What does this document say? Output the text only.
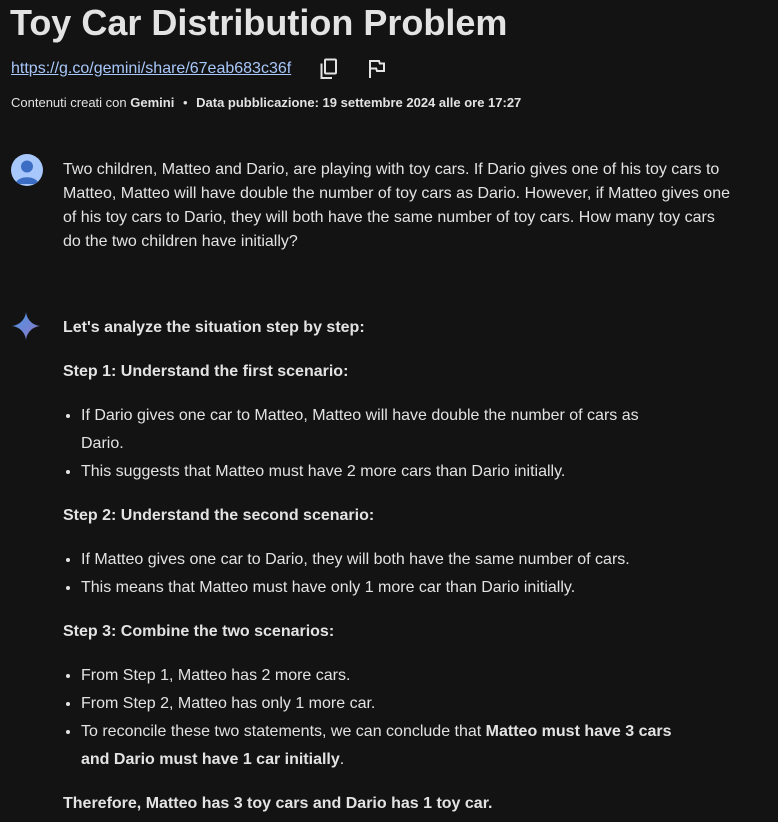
Toy Car Distribution Problem
https://g.co/gemini/share/67eab683c36f
Contenuti creati con Gemini • Data pubblicazione: 19 settembre 2024 alle ore 17:27
Two children, Matteo and Dario, are playing with toy cars. If Dario gives one of his toy cars to Matteo, Matteo will have double the number of toy cars as Dario. However, if Matteo gives one of his toy cars to Dario, they will both have the same number of toy cars. How many toy cars do the two children have initially?

Let's analyze the situation step by step:

Step 1: Understand the first scenario:

• If Dario gives one car to Matteo, Matteo will have double the number of cars as Dario.
• This suggests that Matteo must have 2 more cars than Dario initially.

Step 2: Understand the second scenario:

• If Matteo gives one car to Dario, they will both have the same number of cars.
• This means that Matteo must have only 1 more car than Dario initially.

Step 3: Combine the two scenarios:

• From Step 1, Matteo has 2 more cars.
• From Step 2, Matteo has only 1 more car.
• To reconcile these two statements, we can conclude that Matteo must have 3 cars and Dario must have 1 car initially.

Therefore, Matteo has 3 toy cars and Dario has 1 toy car.
